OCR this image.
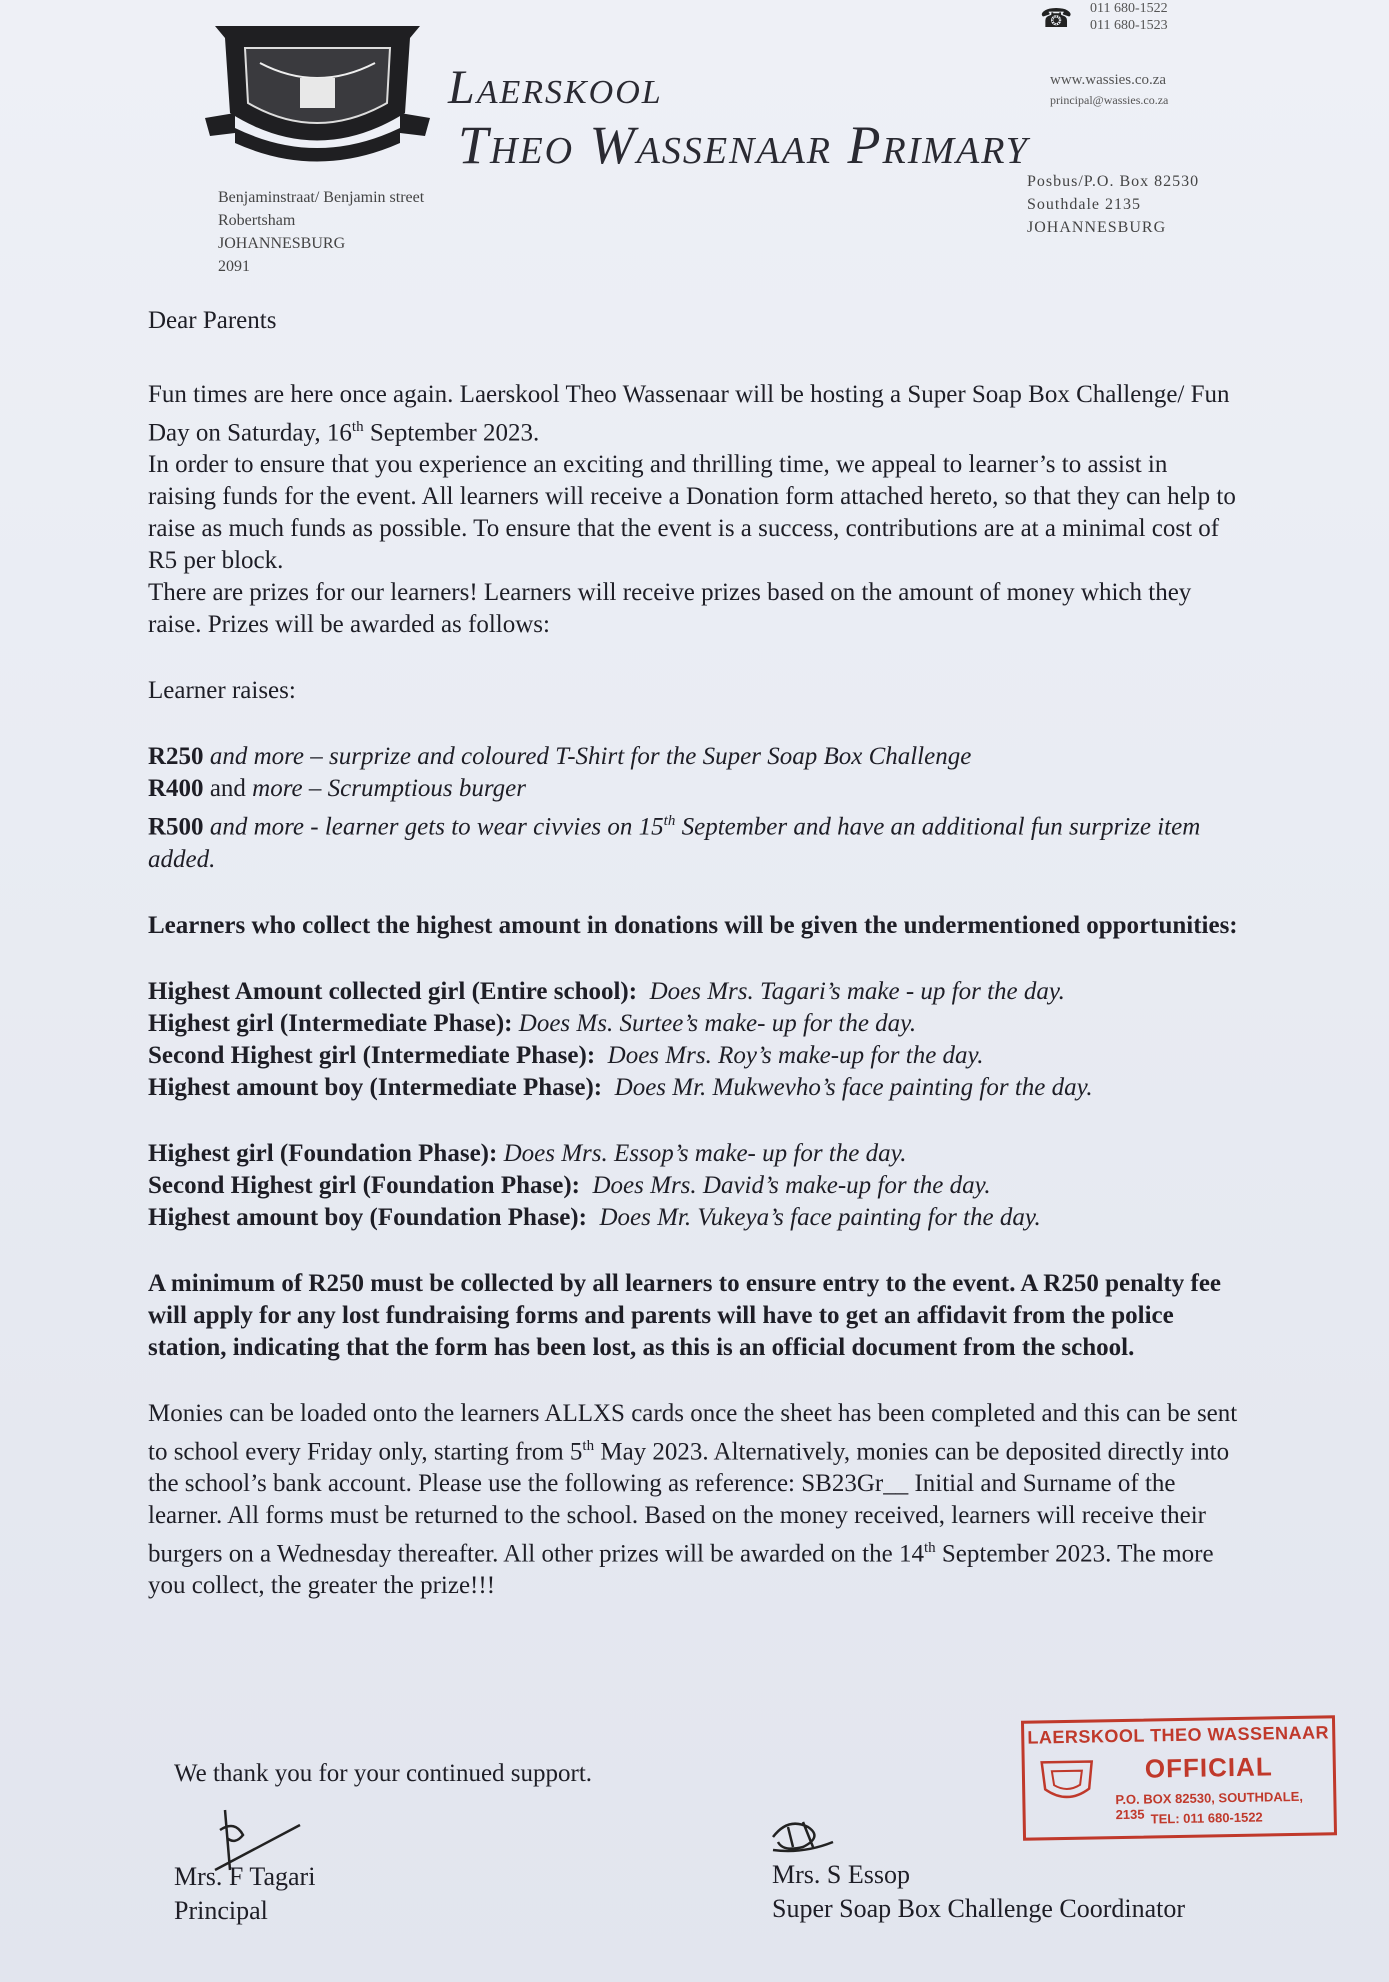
Laerskool
Theo Wassenaar Primary
☎ 011 680-1522
011 680-1523
www.wassies.co.za
principal@wassies.co.za
Benjaminstraat/ Benjamin street
Robertsham
JOHANNESBURG
2091
Posbus/P.O. Box 82530
Southdale 2135
JOHANNESBURG

Dear Parents

Fun times are here once again. Laerskool Theo Wassenaar will be hosting a Super Soap Box Challenge/ Fun Day on Saturday, 16th September 2023.

In order to ensure that you experience an exciting and thrilling time, we appeal to learner’s to assist in raising funds for the event. All learners will receive a Donation form attached hereto, so that they can help to raise as much funds as possible. To ensure that the event is a success, contributions are at a minimal cost of R5 per block.

There are prizes for our learners! Learners will receive prizes based on the amount of money which they raise. Prizes will be awarded as follows:

Learner raises:

R250 and more – surprize and coloured T-Shirt for the Super Soap Box Challenge

R400 and more – Scrumptious burger

R500 and more - learner gets to wear civvies on 15th September and have an additional fun surprize item added.

Learners who collect the highest amount in donations will be given the undermentioned opportunities:

Highest Amount collected girl (Entire school): Does Mrs. Tagari’s make - up for the day.

Highest girl (Intermediate Phase): Does Ms. Surtee’s make- up for the day.

Second Highest girl (Intermediate Phase): Does Mrs. Roy’s make-up for the day.

Highest amount boy (Intermediate Phase): Does Mr. Mukwevho’s face painting for the day.

Highest girl (Foundation Phase): Does Mrs. Essop’s make- up for the day.

Second Highest girl (Foundation Phase): Does Mrs. David’s make-up for the day.

Highest amount boy (Foundation Phase): Does Mr. Vukeya’s face painting for the day.

A minimum of R250 must be collected by all learners to ensure entry to the event. A R250 penalty fee will apply for any lost fundraising forms and parents will have to get an affidavit from the police station, indicating that the form has been lost, as this is an official document from the school.

Monies can be loaded onto the learners ALLXS cards once the sheet has been completed and this can be sent to school every Friday only, starting from 5th May 2023. Alternatively, monies can be deposited directly into the school’s bank account. Please use the following as reference: SB23Gr__ Initial and Surname of the learner. All forms must be returned to the school. Based on the money received, learners will receive their burgers on a Wednesday thereafter. All other prizes will be awarded on the 14th September 2023. The more you collect, the greater the prize!!!

We thank you for your continued support.
Mrs. F Tagari
Principal
Mrs. S Essop
Super Soap Box Challenge Coordinator
LAERSKOOL THEO WASSENAAR
OFFICIAL
P.O. BOX 82530, SOUTHDALE, 2135 TEL: 011 680-1522
